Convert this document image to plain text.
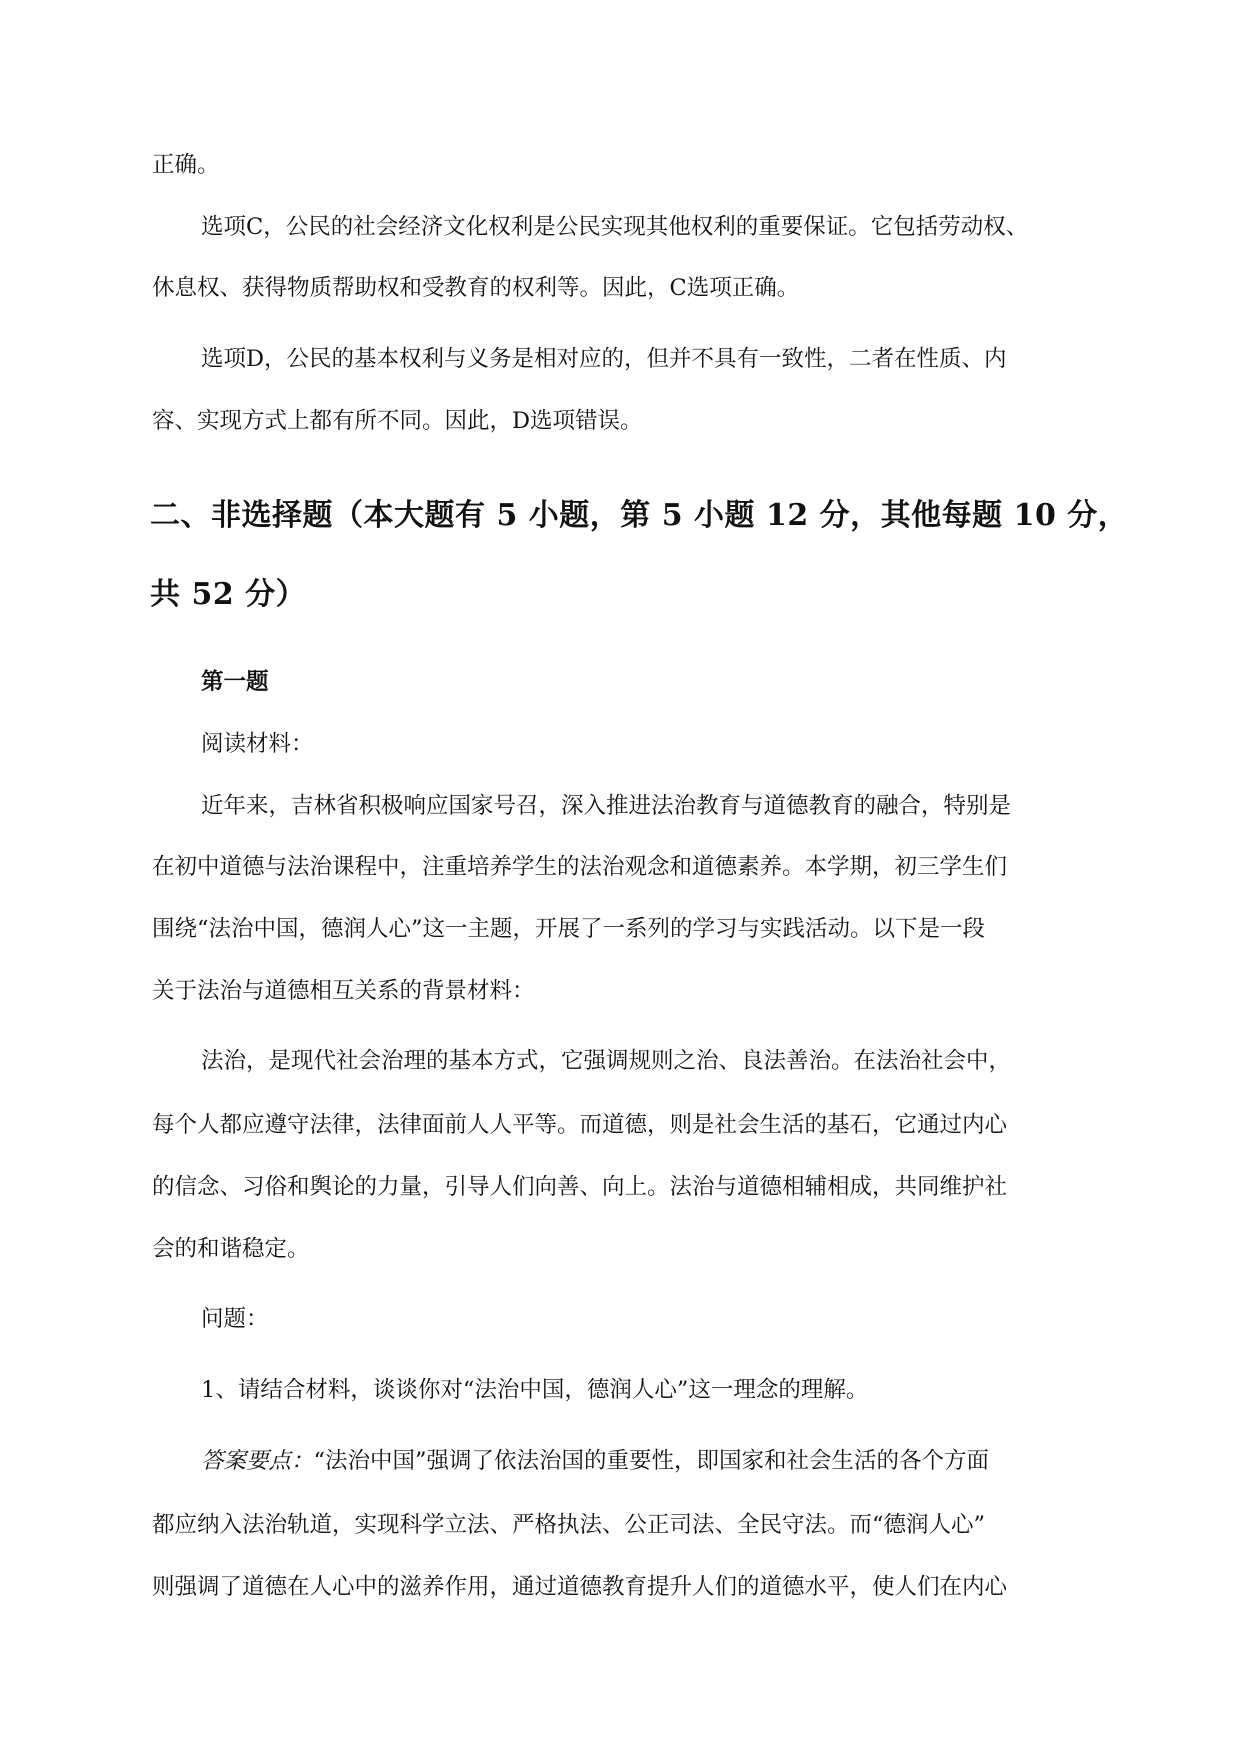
正确。
选项C，公民的社会经济文化权利是公民实现其他权利的重要保证。它包括劳动权、
休息权、获得物质帮助权和受教育的权利等。因此，C选项正确。
选项D，公民的基本权利与义务是相对应的，但并不具有一致性，二者在性质、内
容、实现方式上都有所不同。因此，D选项错误。
二、非选择题（本大题有 5 小题，第 5 小题 12 分，其他每题 10 分，
共 52 分）
第一题
阅读材料：
近年来，吉林省积极响应国家号召，深入推进法治教育与道德教育的融合，特别是
在初中道德与法治课程中，注重培养学生的法治观念和道德素养。本学期，初三学生们
围绕“法治中国，德润人心”这一主题，开展了一系列的学习与实践活动。以下是一段
关于法治与道德相互关系的背景材料：
法治，是现代社会治理的基本方式，它强调规则之治、良法善治。在法治社会中，
每个人都应遵守法律，法律面前人人平等。而道德，则是社会生活的基石，它通过内心
的信念、习俗和舆论的力量，引导人们向善、向上。法治与道德相辅相成，共同维护社
会的和谐稳定。
问题：
1、请结合材料，谈谈你对“法治中国，德润人心”这一理念的理解。
答案要点：“法治中国”强调了依法治国的重要性，即国家和社会生活的各个方面
都应纳入法治轨道，实现科学立法、严格执法、公正司法、全民守法。而“德润人心”
则强调了道德在人心中的滋养作用，通过道德教育提升人们的道德水平，使人们在内心
